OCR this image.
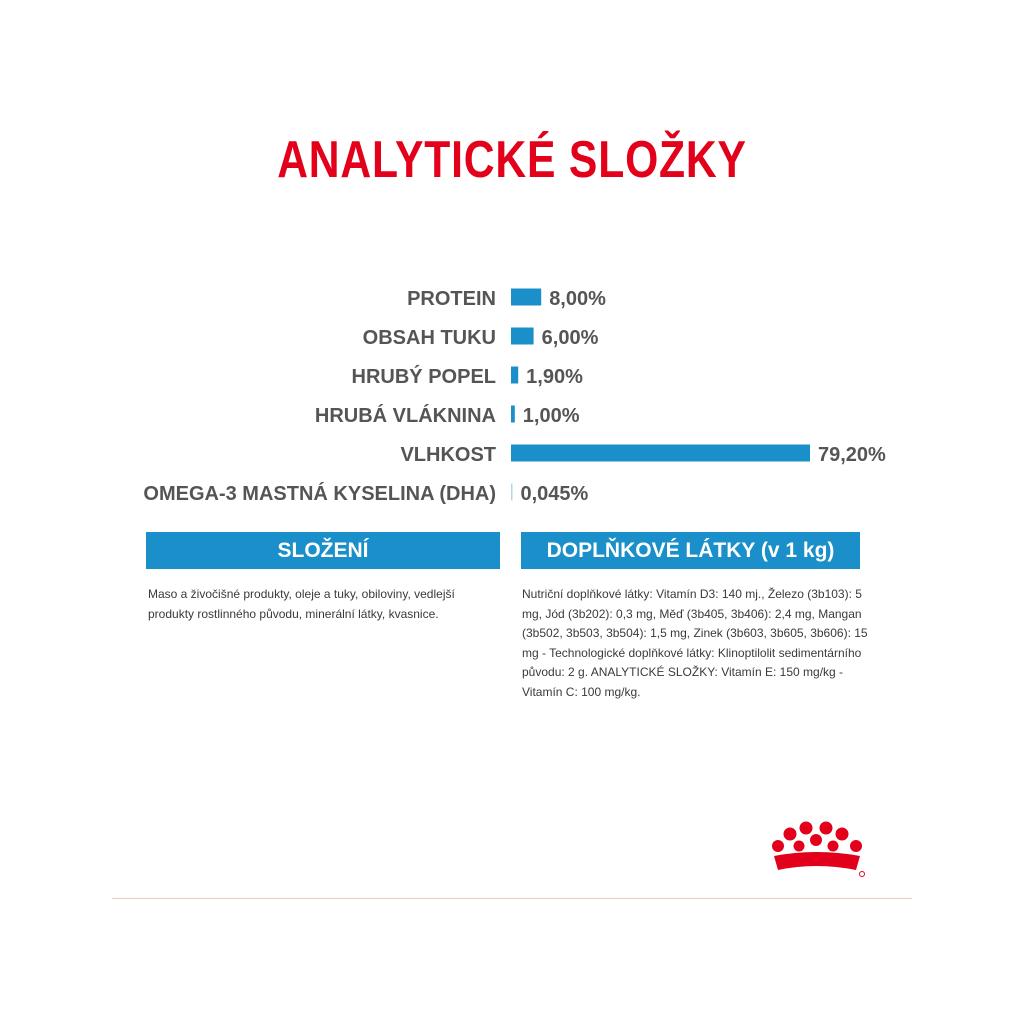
ANALYTICKÉ SLOŽKY
PROTEIN	8,00%
OBSAH TUKU 6,00%
HRUBÝ POPEL 1,90%
HRUBÁ VLÁKNINA 1,00%
VLHKOST	79,20%
OMEGA-3 MASTNÁ KYSELINA (DHA) 0,045%
SLOŽENÍ

Maso a živočišné produkty, oleje a tuky, obiloviny, vedlejší produkty rostlinného původu, minerální látky, kvasnice.

DOPLŇKOVÉ LÁTKY (v 1 kg)

Nutriční doplňkové látky: Vitamín D3: 140 mj., Železo (3b103): 5 mg, Jód (3b202): 0,3 mg, Měď (3b405, 3b406): 2,4 mg, Mangan (3b502, 3b503, 3b504): 1,5 mg, Zinek (3b603, 3b605, 3b606): 15 mg - Technologické doplňkové látky: Klinoptilolit sedimentárního původu: 2 g. ANALYTICKÉ SLOŽKY: Vitamín E: 150 mg/kg - Vitamín C: 100 mg/kg.
